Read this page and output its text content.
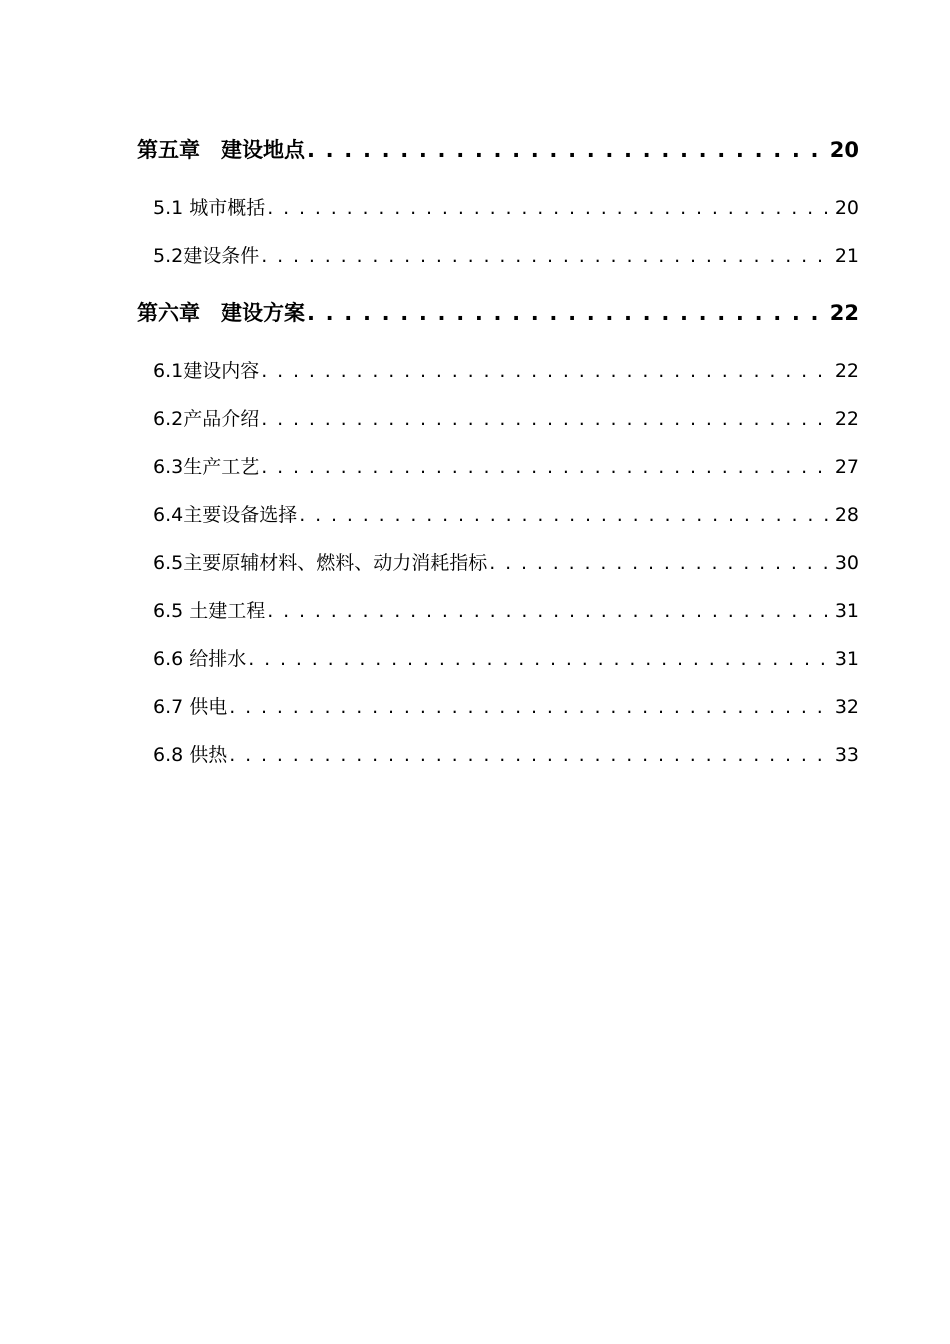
第五章　建设地点 . . .	20
5.1 城市概括 . . .	20
5.2建设条件 . . .	21
第六章　建设方案 . . .	22
6.1建设内容 . . .	22
6.2产品介绍 . . .	22
6.3生产工艺 . . .	27
6.4主要设备选择 . . .	28
6.5主要原辅材料、燃料、动力消耗指标 . . .	30
6.5 土建工程 . . .	31
6.6 给排水 . . .	31
6.7 供电 . . .	32
6.8 供热 . . .	33
